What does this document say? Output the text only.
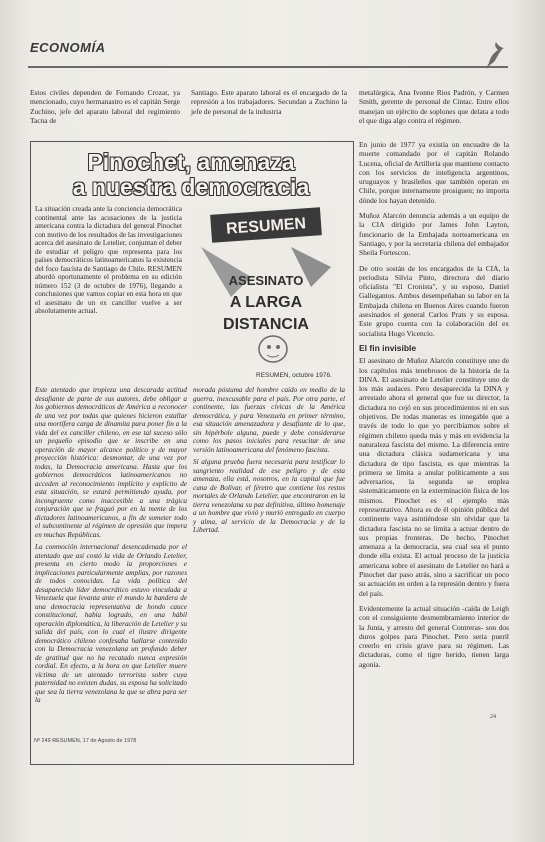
ECONOMÍA
Estos civiles dependen de Fernando Crozat, ya mencionado, cuyo hermanastro es el capitán Serge Zuchino, jefe del aparato laboral del regimiento Tacna de
Santiago. Este aparato laboral es el encargado de la represión a los trabajadores. Secundan a Zuchino la jefe de personal de la industria
metalúrgica, Ana Ivonne Rios Padrón, y Carmen Smith, gerente de personal de Cintac. Entre ellos manejan un ejército de soplones que delata a todo el que diga algo contra el régimen.
Pinochet, amenaza
a nuestra democracia
La situación creada ante la conciencia democrática continental ante las acusaciones de la justicia americana contra la dictadura del general Pinochet con motivo de los resultados de las investigaciones acerca del asesinato de Letelier, conjuntan el deber de estudiar el peligro que representa para los países democráticos latinoamericanos la existencia del foco fascista de Santiago de Chile. RESUMEN abordó oportunamente el problema en su edición número 152 (3 de octubre de 1976), llegando a conclusiones que vamos copiar en esta hora en que el asesinato de un ex canciller vuelve a ser absolutamente actual.
RESUMEN
ASESINATO
A LARGA
DISTANCIA
RESUMEN, octubre 1976.

Este atentado que tropieza una descarada actitud desafiante de parte de sus autores, debe obligar a los gobiernos democráticos de América a reconocer de una vez por todas que quienes hicieron estallar una mortífera carga de dinamita para poner fin a la vida del ex canciller chileno, en ese tal suceso sólo un pequeño episodio que se inscribe en una operación de mayor alcance político y de mayor proyección histórica: desmontar, de una vez por todas, la Democracia americana. Hasta que los gobiernos democráticos latinoamericanos no acceden al reconocimiento implícito y explícito de esta situación, se estará permitiendo ayuda, por incongruente como inaccesible a una trágica conjuración que se fraguó por en la mente de los dictadores latinoamericanos, a fin de someter todo el subcontinente al régimen de opresión que impera en muchas Repúblicas.

La conmoción internacional desencadenada por el atentado que así costó la vida de Orlando Letelier, presenta en cierto modo la proporciones e implicaciones particularmente amplias, por razones de todos conocidas. La vida política del desaparecido líder democrático estuvo vinculada a Venezuela que levanta ante el mundo la bandera de una democracia representativa de hondo cauce constitucional, había logrado, en una hábil operación diplomática, la liberación de Letelier y su salida del país, con lo cual el ilustre dirigente democrático chileno confesaba hallarse contenido con la Democracia venezolana un profundo deber de gratitud que no ha recatado nunca expresión cordial. En efecto, a la hora en que Letelier muere víctima de un atentado terrorista sobre cuya paternidad no existen dudas, su esposa ha solicitado que sea la tierra venezolana la que se abra para ser la

morada póstuma del hombre caído en medio de la guerra, inexcusable para el país. Por otra parte, el continente, las fuerzas cívicas de la América democrática, y para Venezuela en primer término, esa situación amenazadora y desafiante de lo que, sin hipérbole alguna, puede y debe considerarse como los pasos iniciales para resucitar de una versión latinoamericana del fenómeno fascista.

Sí alguna prueba fuera necesaria para testificar lo sangriento realidad de ese peligro y de esta amenaza, ella está, nosotros, en la capital que fue cuna de Bolívar, el féretro que contiene los restos mortales de Orlando Letelier, que encontraron en la tierra venezolana su paz definitiva, último homenaje a un hombre que vivió y murió entregado en cuerpo y alma, al servicio de la Democracia y de la Libertad.

Nº 249 RESUMEN, 17 de Agosto de 1978

En junio de 1977 ya existía un encuadre de la muerte comandado por el capitán Rolando Lucena, oficial de Artillería que mantiene contacto con los servicios de inteligencia argentinos, uruguayos y brasileños que también operan en Chile, porque internamente prosiguen; no importa dónde los hayan detenido.

Muñoz Alarcón denuncia además a un equipo de la CIA dirigido por James John Layton, funcionario de la Embajada norteamericana en Santiago, y por la secretaria chilena del embajador Sheila Fortescon.

De otro sostán de los encargados de la CIA, la periodista Silvia Pinto, directora del diario oficialista "El Cronista", y su esposo, Daniel Gallegantos. Ambos desempeñaban su labor en la Embajada chilena en Buenos Aires cuando fueron asesinados el general Carlos Prats y su esposa. Este grupo cuenta con la colaboración del ex socialista Hugo Vicencio.

El fin invisible

El asesinato de Muñoz Alarcón constituye uno de los capítulos más tenebrosos de la historia de la DINA. El asesinato de Letelier constituye uno de los más audaces. Pero desaparecida la DINA y arrestado ahora el general que fue su director, la dictadura no cejó en sus procedimientos ni en sus objetivos. De todas maneras es innegable que a través de todo lo que yo percibíamos sobre el régimen chileno queda más y más en evidencia la naturaleza fascista del mismo. La diferencia entre una dictadura clásica sudamericana y una dictadura de tipo fascista, es que mientras la primera se limita a anular políticamente a sus adversarios, la segunda se emplea sistemáticamente en la exterminación física de los mismos. Pinochet es el ejemplo más representativo. Ahora es de él opinión pública del continente vaya asintiéndose sin olvidar que la dictadura fascista no se limita a actuar dentro de sus propias fronteras. De hecho, Pinochet amenaza a la democracia, sea cual sea el punto donde ella exista. El actual proceso de la justicia americana sobre el asesinato de Letelier no hará a Pinochet dar paso atrás, sino a sacrificar un poco su actuación en orden a la represión dentro y fuera del país.

Evidentemente la actual situación -caída de Leigh con el consiguiente desmembramiento interior de la Junta, y arresto del general Contreras- son dos duros golpes para Pinochet. Pero seria pueril creerlo en crisis grave para su régimen. Las dictaduras, como el tigre herido, tienen larga agonía.

24
